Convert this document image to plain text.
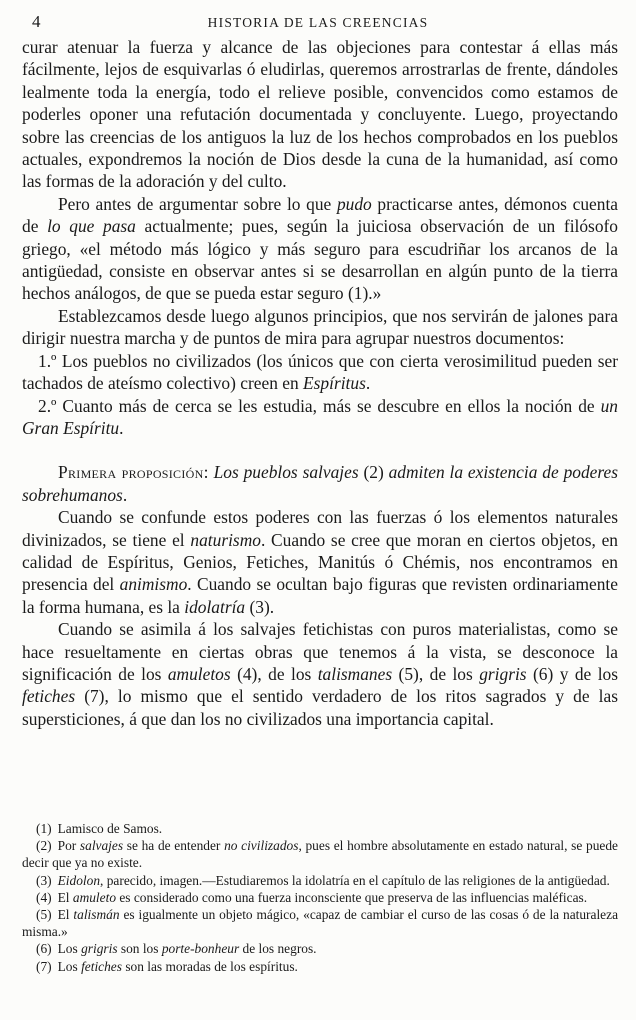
4	HISTORIA DE LAS CREENCIAS

curar atenuar la fuerza y alcance de las objeciones para contestar á ellas más fácilmente, lejos de esquivarlas ó eludirlas, queremos arrostrarlas de frente, dándoles lealmente toda la energía, todo el relieve posible, convencidos como estamos de poderles oponer una refutación documentada y concluyente. Luego, proyectando sobre las creencias de los antiguos la luz de los hechos comprobados en los pueblos actuales, expondremos la noción de Dios desde la cuna de la humanidad, así como las formas de la adoración y del culto.

Pero antes de argumentar sobre lo que pudo practicarse antes, démonos cuenta de lo que pasa actualmente; pues, según la juiciosa observación de un filósofo griego, «el método más lógico y más seguro para escudriñar los arcanos de la antigüedad, consiste en observar antes si se desarrollan en algún punto de la tierra hechos análogos, de que se pueda estar seguro (1).»

Establezcamos desde luego algunos principios, que nos servirán de jalones para dirigir nuestra marcha y de puntos de mira para agrupar nuestros documentos:

1.º Los pueblos no civilizados (los únicos que con cierta verosimilitud pueden ser tachados de ateísmo colectivo) creen en Espíritus.

2.º Cuanto más de cerca se les estudia, más se descubre en ellos la noción de un Gran Espíritu.

Primera proposición: Los pueblos salvajes (2) admiten la existencia de poderes sobrehumanos.

Cuando se confunde estos poderes con las fuerzas ó los elementos naturales divinizados, se tiene el naturismo. Cuando se cree que moran en ciertos objetos, en calidad de Espíritus, Genios, Fetiches, Manitús ó Chémis, nos encontramos en presencia del animismo. Cuando se ocultan bajo figuras que revisten ordinariamente la forma humana, es la idolatría (3).

Cuando se asimila á los salvajes fetichistas con puros materialistas, como se hace resueltamente en ciertas obras que tenemos á la vista, se desconoce la significación de los amuletos (4), de los talismanes (5), de los grigris (6) y de los fetiches (7), lo mismo que el sentido verdadero de los ritos sagrados y de las supersticiones, á que dan los no civilizados una importancia capital.

(1) Lamisco de Samos.

(2) Por salvajes se ha de entender no civilizados, pues el hombre absolutamente en estado natural, se puede decir que ya no existe.

(3) Eidolon, parecido, imagen.—Estudiaremos la idolatría en el capítulo de las religiones de la antigüedad.

(4) El amuleto es considerado como una fuerza inconsciente que preserva de las influencias maléficas.

(5) El talismán es igualmente un objeto mágico, «capaz de cambiar el curso de las cosas ó de la naturaleza misma.»

(6) Los grigris son los porte-bonheur de los negros.

(7) Los fetiches son las moradas de los espíritus.
